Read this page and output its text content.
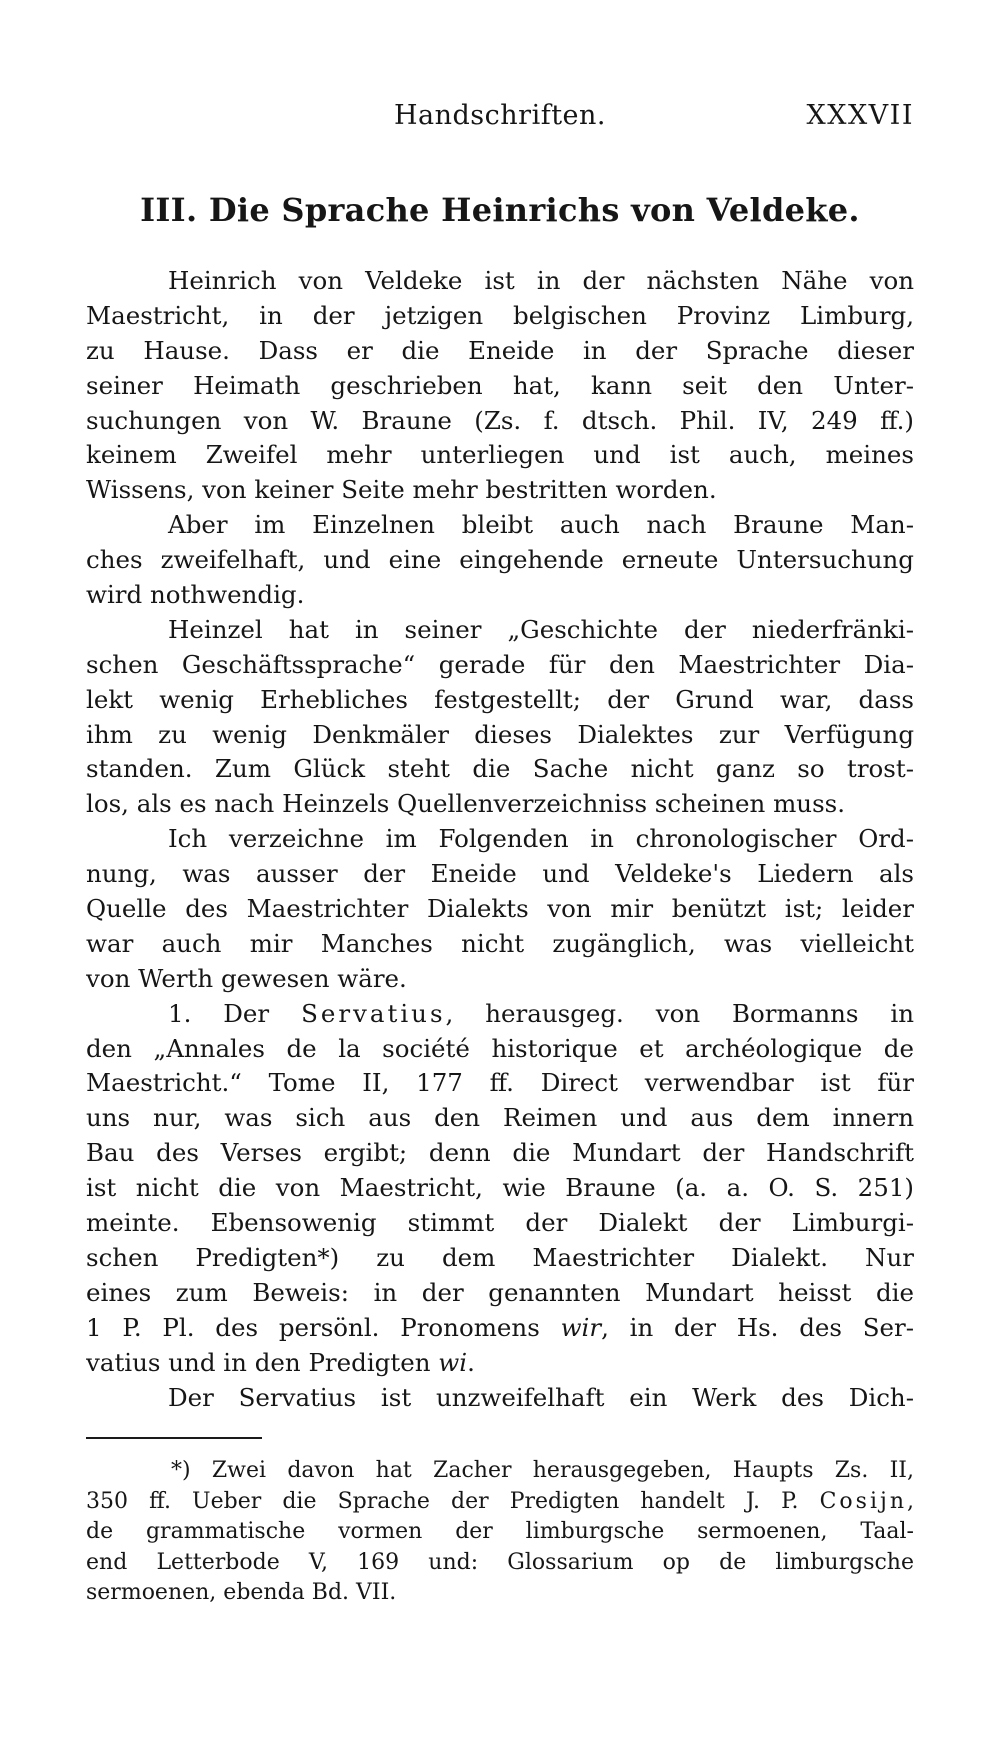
Handschriften.	XXXVII
III. Die Sprache Heinrichs von Veldeke.
Heinrich von Veldeke ist in der nächsten Nähe von
Maestricht, in der jetzigen belgischen Provinz Limburg,
zu Hause. Dass er die Eneide in der Sprache dieser
seiner Heimath geschrieben hat, kann seit den Unter-
suchungen von W. Braune (Zs. f. dtsch. Phil. IV, 249 ff.)
keinem Zweifel mehr unterliegen und ist auch, meines
Wissens, von keiner Seite mehr bestritten worden.
Aber im Einzelnen bleibt auch nach Braune Man-
ches zweifelhaft, und eine eingehende erneute Untersuchung
wird nothwendig.
Heinzel hat in seiner „Geschichte der niederfränki-
schen Geschäftssprache“ gerade für den Maestrichter Dia-
lekt wenig Erhebliches festgestellt; der Grund war, dass
ihm zu wenig Denkmäler dieses Dialektes zur Verfügung
standen. Zum Glück steht die Sache nicht ganz so trost-
los, als es nach Heinzels Quellenverzeichniss scheinen muss.
Ich verzeichne im Folgenden in chronologischer Ord-
nung, was ausser der Eneide und Veldeke's Liedern als
Quelle des Maestrichter Dialekts von mir benützt ist; leider
war auch mir Manches nicht zugänglich, was vielleicht
von Werth gewesen wäre.
1. Der Servatius, herausgeg. von Bormanns in
den „Annales de la société historique et archéologique de
Maestricht.“ Tome II, 177 ff. Direct verwendbar ist für
uns nur, was sich aus den Reimen und aus dem innern
Bau des Verses ergibt; denn die Mundart der Handschrift
ist nicht die von Maestricht, wie Braune (a. a. O. S. 251)
meinte. Ebensowenig stimmt der Dialekt der Limburgi-
schen Predigten*) zu dem Maestrichter Dialekt. Nur
eines zum Beweis: in der genannten Mundart heisst die
1 P. Pl. des persönl. Pronomens wir, in der Hs. des Ser-
vatius und in den Predigten wi.
Der Servatius ist unzweifelhaft ein Werk des Dich-
*) Zwei davon hat Zacher herausgegeben, Haupts Zs. II,
350 ff. Ueber die Sprache der Predigten handelt J. P. Cosijn,
de grammatische vormen der limburgsche sermoenen, Taal-
end Letterbode V, 169 und: Glossarium op de limburgsche
sermoenen, ebenda Bd. VII.
